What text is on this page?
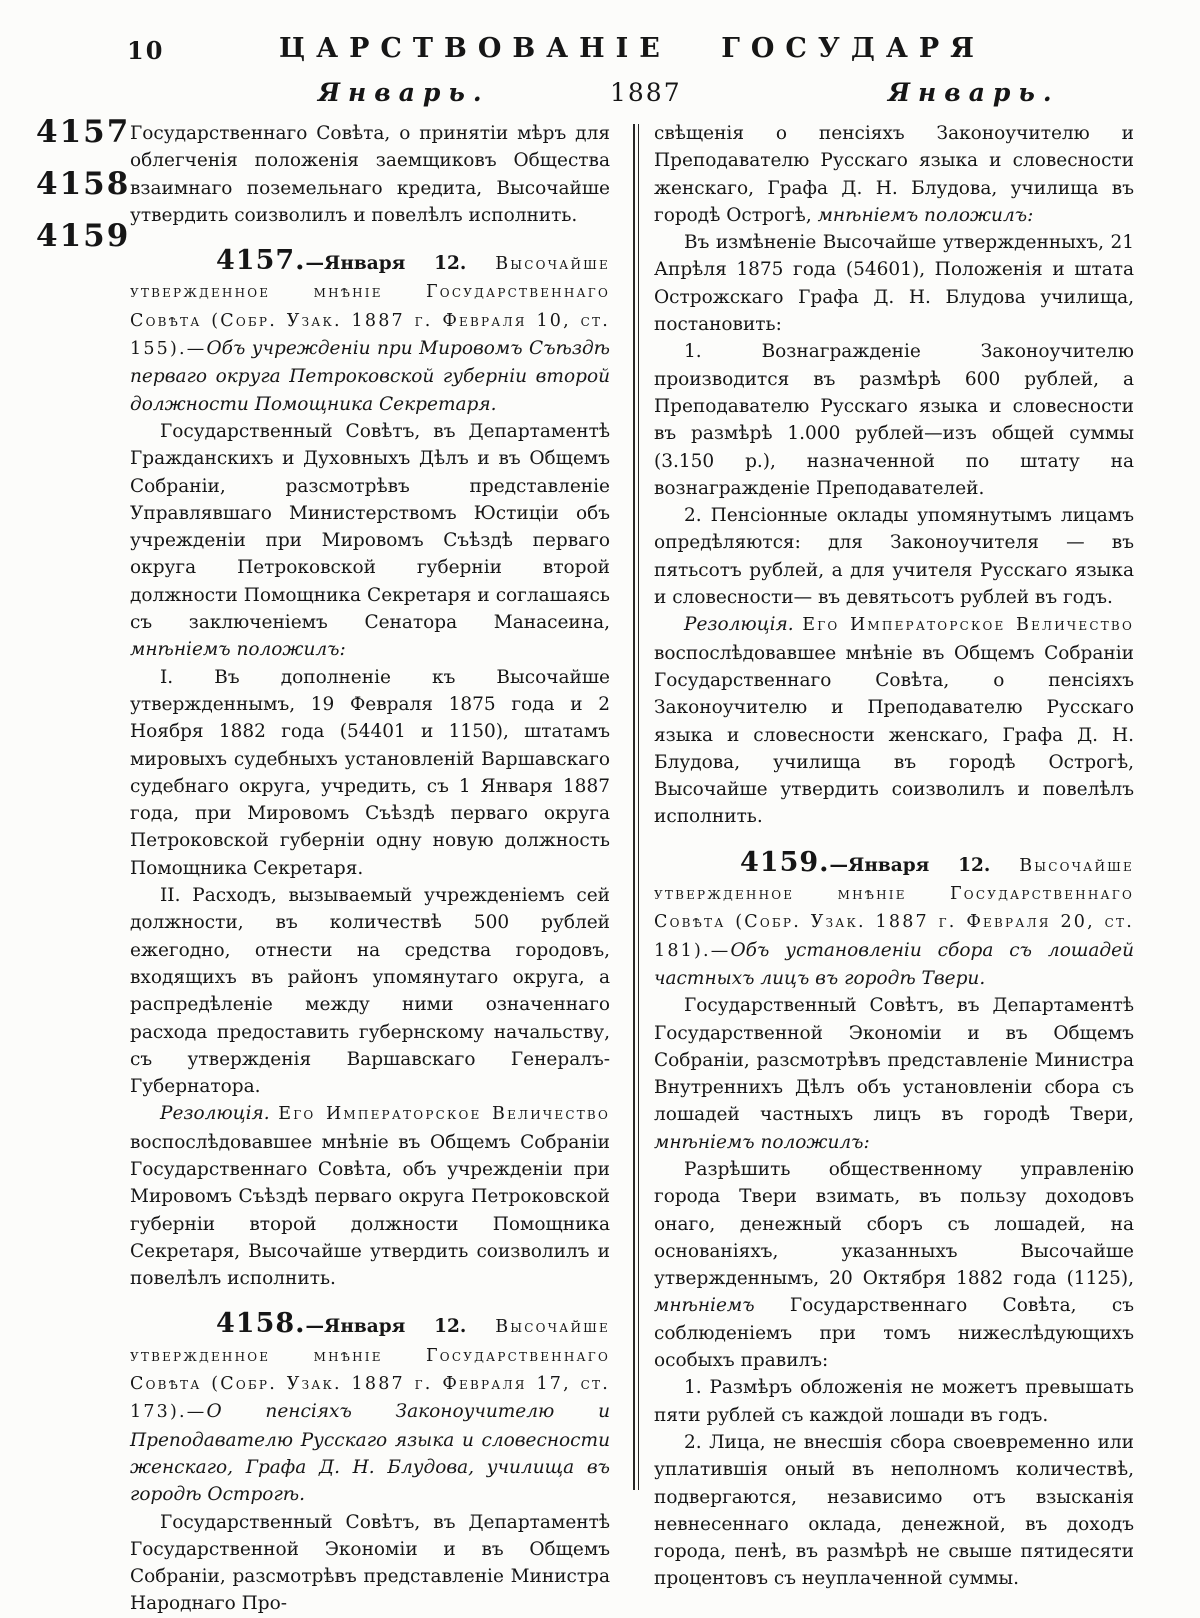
10	ЦАРСТВОВАНІЕ ГОСУДАРЯ
Январь.	1887	Январь.
4157
4158
4159

Государственнаго Совѣта, о принятіи мѣръ для облегченія положенія заемщиковъ Общества взаимнаго поземельнаго кредита, Высочайше утвердить соизволилъ и повелѣлъ исполнить.

4157.—Января 12. Высочайше утвержденное мнѣніе Государственнаго Совѣта (Собр. Узак. 1887 г. Февраля 10, ст. 155).—Объ учрежденіи при Мировомъ Съѣздѣ перваго округа Петроковской губерніи второй должности Помощника Секретаря.

Государственный Совѣтъ, въ Департаментѣ Гражданскихъ и Духовныхъ Дѣлъ и въ Общемъ Собраніи, разсмотрѣвъ представленіе Управлявшаго Министерствомъ Юстиціи объ учрежденіи при Мировомъ Съѣздѣ перваго округа Петроковской губерніи второй должности Помощника Секретаря и соглашаясь съ заключеніемъ Сенатора Манасеина, мнѣніемъ положилъ:

I. Въ дополненіе къ Высочайше утвержденнымъ, 19 Февраля 1875 года и 2 Ноября 1882 года (54401 и 1150), штатамъ мировыхъ судебныхъ установленій Варшавскаго судебнаго округа, учредить, съ 1 Января 1887 года, при Мировомъ Съѣздѣ перваго округа Петроковской губерніи одну новую должность Помощника Секретаря.

II. Расходъ, вызываемый учрежденіемъ сей должности, въ количествѣ 500 рублей ежегодно, отнести на средства городовъ, входящихъ въ районъ упомянутаго округа, а распредѣленіе между ними означеннаго расхода предоставить губернскому начальству, съ утвержденія Варшавскаго Генералъ-Губернатора.

Резолюція. Его Императорское Величество воспослѣдовавшее мнѣніе въ Общемъ Собраніи Государственнаго Совѣта, объ учрежденіи при Мировомъ Съѣздѣ перваго округа Петроковской губерніи второй должности Помощника Секретаря, Высочайше утвердить соизволилъ и повелѣлъ исполнить.

4158.—Января 12. Высочайше утвержденное мнѣніе Государственнаго Совѣта (Собр. Узак. 1887 г. Февраля 17, ст. 173).—О пенсіяхъ Законоучителю и Преподавателю Русскаго языка и словесности женскаго, Графа Д. Н. Блудова, училища въ городѣ Острогѣ.

Государственный Совѣтъ, въ Департаментѣ Государственной Экономіи и въ Общемъ Собраніи, разсмотрѣвъ представленіе Министра Народнаго Про-

свѣщенія о пенсіяхъ Законоучителю и Преподавателю Русскаго языка и словесности женскаго, Графа Д. Н. Блудова, училища въ городѣ Острогѣ, мнѣніемъ положилъ:

Въ измѣненіе Высочайше утвержденныхъ, 21 Апрѣля 1875 года (54601), Положенія и штата Острожскаго Графа Д. Н. Блудова училища, постановить:

1. Вознагражденіе Законоучителю производится въ размѣрѣ 600 рублей, а Преподавателю Русскаго языка и словесности въ размѣрѣ 1.000 рублей—изъ общей суммы (3.150 р.), назначенной по штату на вознагражденіе Преподавателей.

2. Пенсіонные оклады упомянутымъ лицамъ опредѣляются: для Законоучителя — въ пятьсотъ рублей, а для учителя Русскаго языка и словесности— въ девятьсотъ рублей въ годъ.

Резолюція. Его Императорское Величество воспослѣдовавшее мнѣніе въ Общемъ Собраніи Государственнаго Совѣта, о пенсіяхъ Законоучителю и Преподавателю Русскаго языка и словесности женскаго, Графа Д. Н. Блудова, училища въ городѣ Острогѣ, Высочайше утвердить соизволилъ и повелѣлъ исполнить.

4159.—Января 12. Высочайше утвержденное мнѣніе Государственнаго Совѣта (Собр. Узак. 1887 г. Февраля 20, ст. 181).—Объ установленіи сбора съ лошадей частныхъ лицъ въ городѣ Твери.

Государственный Совѣтъ, въ Департаментѣ Государственной Экономіи и въ Общемъ Собраніи, разсмотрѣвъ представленіе Министра Внутреннихъ Дѣлъ объ установленіи сбора съ лошадей частныхъ лицъ въ городѣ Твери, мнѣніемъ положилъ:

Разрѣшить общественному управленію города Твери взимать, въ пользу доходовъ онаго, денежный сборъ съ лошадей, на основаніяхъ, указанныхъ Высочайше утвержденнымъ, 20 Октября 1882 года (1125), мнѣніемъ Государственнаго Совѣта, съ соблюденіемъ при томъ нижеслѣдующихъ особыхъ правилъ:

1. Размѣръ обложенія не можетъ превышать пяти рублей съ каждой лошади въ годъ.

2. Лица, не внесшія сбора своевременно или уплатившія оный въ неполномъ количествѣ, подвергаются, независимо отъ взысканія невнесеннаго оклада, денежной, въ доходъ города, пенѣ, въ размѣрѣ не свыше пятидесяти процентовъ съ неуплаченной суммы.
